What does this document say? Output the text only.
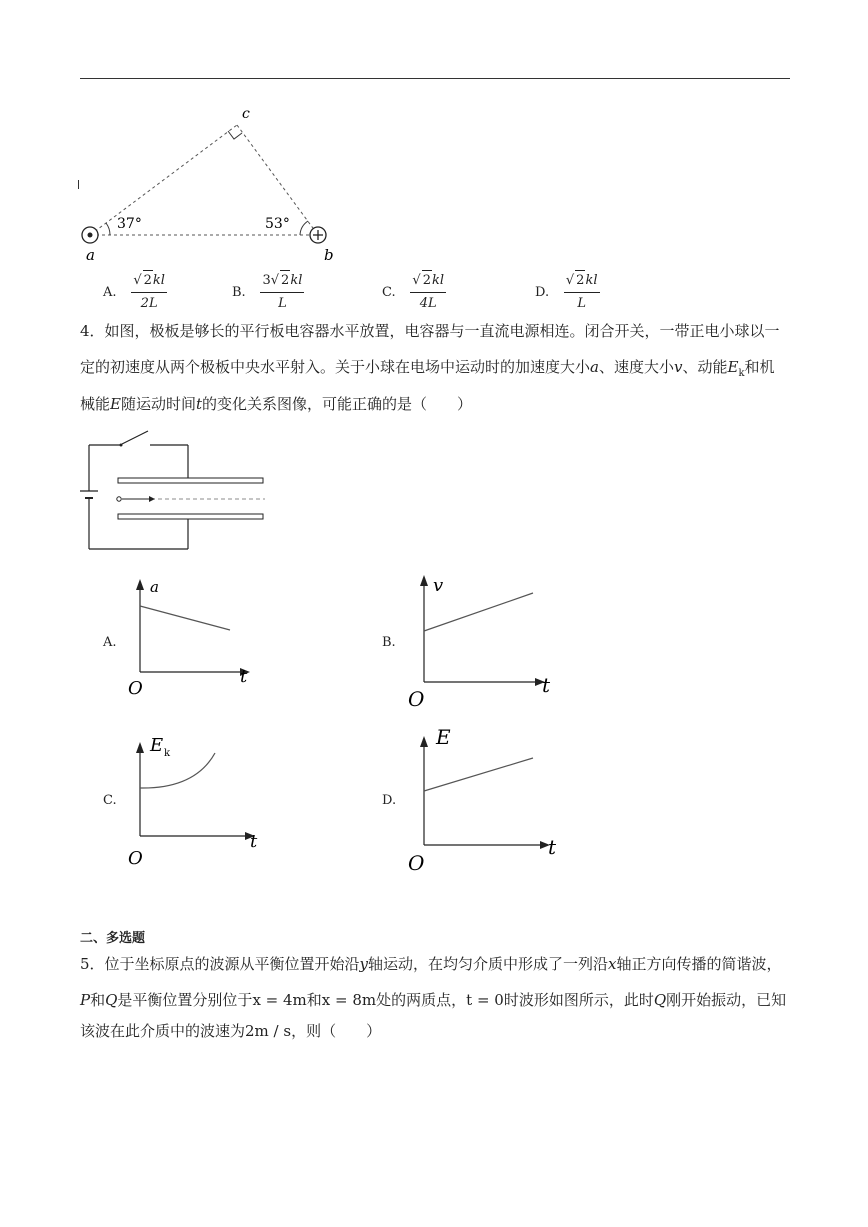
37°	53°
a	b
c
A. $\frac{√ 2kl}{2L}$	B. $\frac{3√ 2kl}{L}$	C. $\frac{√ 2kl}{4L}$	D. $\frac{√ 2kl}{L}$
4．如图，极板是够长的平行板电容器水平放置，电容器与一直流电源相连。闭合开关，一带正电小球以一
定的初速度从两个极板中央水平射入。关于小球在电场中运动时的加速度大小a、速度大小v、动能$E_k$和机
械能E随运动时间t的变化关系图像，可能正确的是（　　）
A.
a
t
O
B.
v
t
O
C.
E k
t
O
D.
E
t
O
二、多选题
5．位于坐标原点的波源从平衡位置开始沿y轴运动，在均匀介质中形成了一列沿x轴正方向传播的简谐波，
P和Q是平衡位置分别位于x = 4m和x = 8m处的两质点，t = 0时波形如图所示，此时Q刚开始振动，已知
该波在此介质中的波速为2m / s，则（　　）
